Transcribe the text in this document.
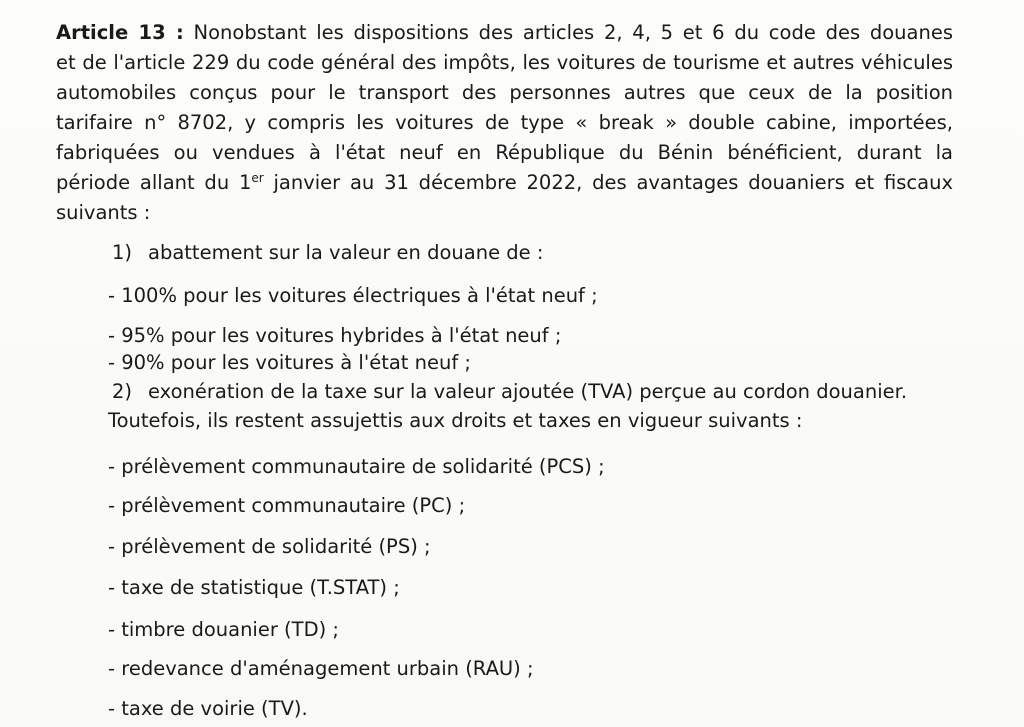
Article 13 : Nonobstant les dispositions des articles 2, 4, 5 et 6 du code des douanes
et de l'article 229 du code général des impôts, les voitures de tourisme et autres véhicules
automobiles conçus pour le transport des personnes autres que ceux de la position
tarifaire n° 8702, y compris les voitures de type « break » double cabine, importées,
fabriquées ou vendues à l'état neuf en République du Bénin bénéficient, durant la
période allant du 1er janvier au 31 décembre 2022, des avantages douaniers et fiscaux
suivants :
1) abattement sur la valeur en douane de :
- 100% pour les voitures électriques à l'état neuf ;
- 95% pour les voitures hybrides à l'état neuf ;
- 90% pour les voitures à l'état neuf ;
2) exonération de la taxe sur la valeur ajoutée (TVA) perçue au cordon douanier.
Toutefois, ils restent assujettis aux droits et taxes en vigueur suivants :
- prélèvement communautaire de solidarité (PCS) ;
- prélèvement communautaire (PC) ;
- prélèvement de solidarité (PS) ;
- taxe de statistique (T.STAT) ;
- timbre douanier (TD) ;
- redevance d'aménagement urbain (RAU) ;
- taxe de voirie (TV).
